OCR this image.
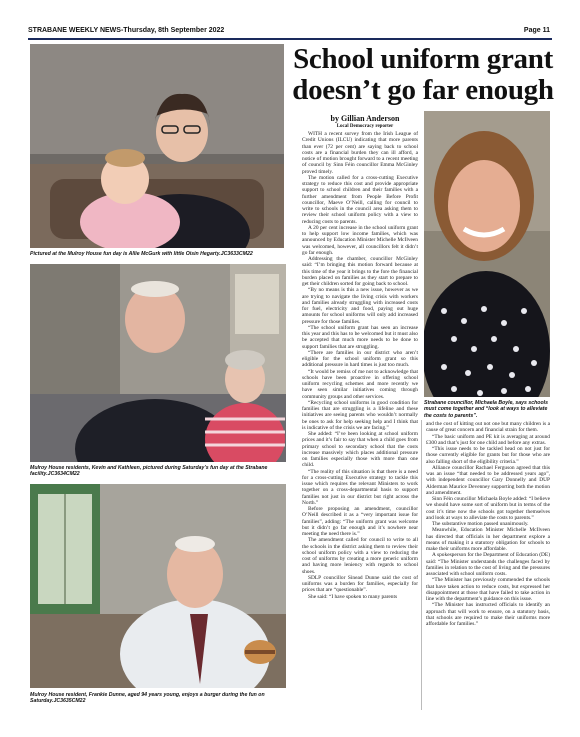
STRABANE WEEKLY NEWS-Thursday, 8th September 2022	Page 11
Pictured at the Mulroy House fun day is Allie McGurk with little Oisin Hegarty.JC3633CM22
Mulroy House residents, Kevin and Kathleen, pictured during Saturday’s fun day at the Strabane facility.JC3634CM22
Mulroy House resident, Frankie Dunne, aged 94 years young, enjoys a burger during the fun on Saturday.JC3635CM22
School uniform grant doesn’t go far enough
by Gillian Anderson
Local Democracy reporter
Strabane councillor, Michaela Boyle, says schools must come together and “look at ways to alleviate the costs to parents”.

WITH a recent survey from the Irish League of Credit Unions (ILCU) indicating that more parents than ever (72 per cent) are saying back to school costs are a financial burden they can ill afford, a notice of motion brought forward to a recent meeting of council by Sinn Féin councillor Emma McGinley proved timely.

The motion called for a cross-cutting Executive strategy to reduce this cost and provide appropriate support to school children and their families with a further amendment from People Before Profit councillor, Maeve O’Neill, calling for council to write to schools in the council area asking them to review their school uniform policy with a view to reducing costs to parents.

A 20 per cent increase in the school uniform grant to help support low income families, which was announced by Education Minister Michelle McIlveen was welcomed, however, all councillors felt it didn’t go far enough.

Addressing the chamber, councillor McGinley said: “I’m bringing this motion forward because at this time of the year it brings to the fore the financial burden placed on families as they start to prepare to get their children sorted for going back to school.

“By no means is this a new issue, however as we are trying to navigate the living crisis with workers and families already struggling with increased costs for fuel, electricity and food, paying out huge amounts for school uniforms will only add increased pressure for those families.

“The school uniform grant has seen an increase this year and this has to be welcomed but it must also be accepted that much more needs to be done to support families that are struggling.

“There are families in our district who aren’t eligible for the school uniform grant so this additional pressure in hard times is just too much.

“It would be remiss of me not to acknowledge that schools have been proactive in offering school uniform recycling schemes and more recently we have seen similar initiatives coming through community groups and other services.

“Recycling school uniforms in good condition for families that are struggling is a lifeline and these initiatives are seeing parents who wouldn’t normally be ones to ask for help seeking help and I think that is indicative of the crisis we are facing.”

She added: “I’ve been looking at school uniform prices and it’s fair to say that when a child goes from primary school to secondary school that the costs increase massively which places additional pressure on families especially those with more than one child.

“The reality of this situation is that there is a need for a cross-cutting Executive strategy to tackle this issue which requires the relevant Ministers to work together on a cross-departmental basis to support families not just in our district but right across the North.”

Before proposing an amendment, councillor O’Neill described it as a “very important issue for families”, adding: “The uniform grant was welcome but it didn’t go far enough and it’s nowhere near meeting the need there is.”

The amendment called for council to write to all the schools in the district asking them to review their school uniform policy with a view to reducing the cost of uniforms by creating a more generic uniform and having more leniency with regards to school shoes.

SDLP councillor Sinead Dunne said the cost of uniforms was a burden for families, especially for prices that are “questionable”.

She said: “I have spoken to many parents

and the cost of kitting out not one but many children is a cause of great concern and financial strain for them.

“The basic uniform and PE kit is averaging at around £300 and that’s just for one child and before any extras.

“This issue needs to be tackled head on not just for those currently eligible for grants but for those who are also falling short of the eligibility criteria.”

Alliance councillor Rachael Ferguson agreed that this was an issue “that needed to be addressed years ago”, with independent councillor Gary Donnelly and DUP Alderman Maurice Devenney supporting both the motion and amendment.

Sinn Féin councillor Michaela Boyle added: “I believe we should have some sort of uniform but in terms of the cost it’s time now the schools got together themselves and look at ways to alleviate the costs to parents.”

The substantive motion passed unanimously.

Meanwhile, Education Minister Michelle McIlveen has directed that officials in her department explore a means of making it a statutory obligation for schools to make their uniforms more affordable.

A spokesperson for the Department of Education (DE) said: “The Minister understands the challenges faced by families in relation to the cost of living and the pressures associated with school uniform costs.

“The Minister has previously commended the schools that have taken action to reduce costs, but expressed her disappointment at those that have failed to take action in line with the department’s guidance on this issue.

“The Minister has instructed officials to identify an approach that will work to ensure, on a statutory basis, that schools are required to make their uniforms more affordable for families.”
